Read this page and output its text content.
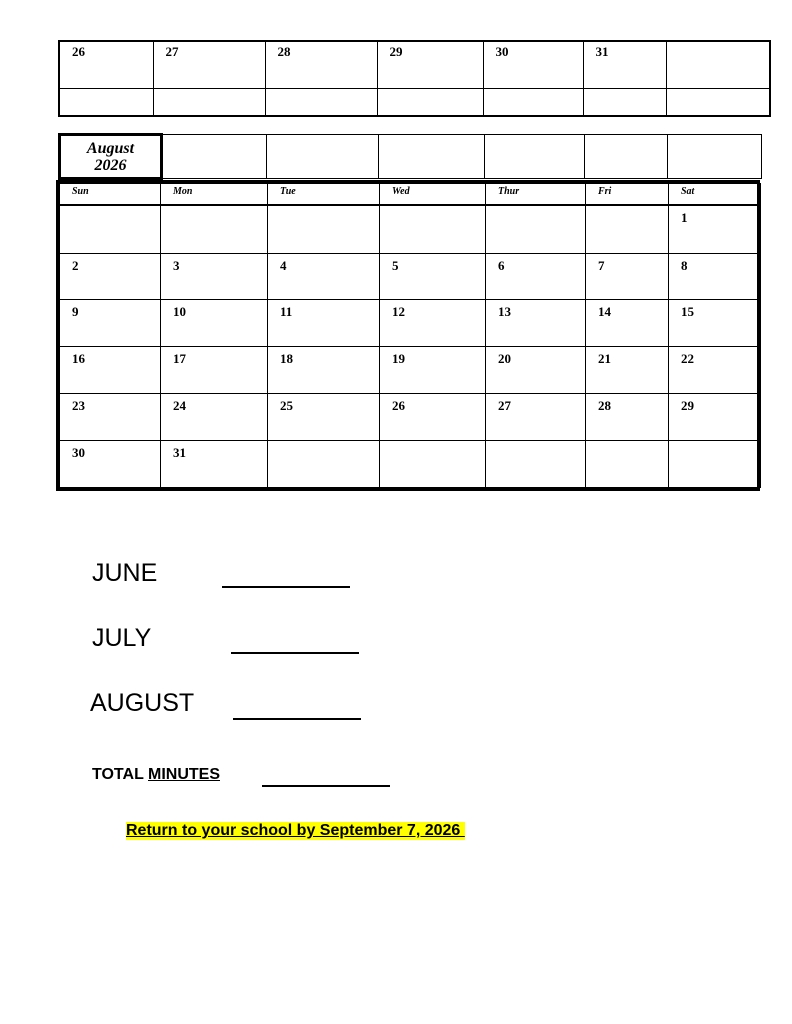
26	27	28	29	30	31	

August
2026

Sun	Mon	Tue	Wed	Thur	Fri	Sat

						1

2	3	4	5	6	7	8

9	10	11	12	13	14	15

16	17	18	19	20	21	22

23	24	25	26	27	28	29

30	31					

JUNE
JULY
AUGUST
TOTAL MINUTES
Return to your school by September 7, 2026
